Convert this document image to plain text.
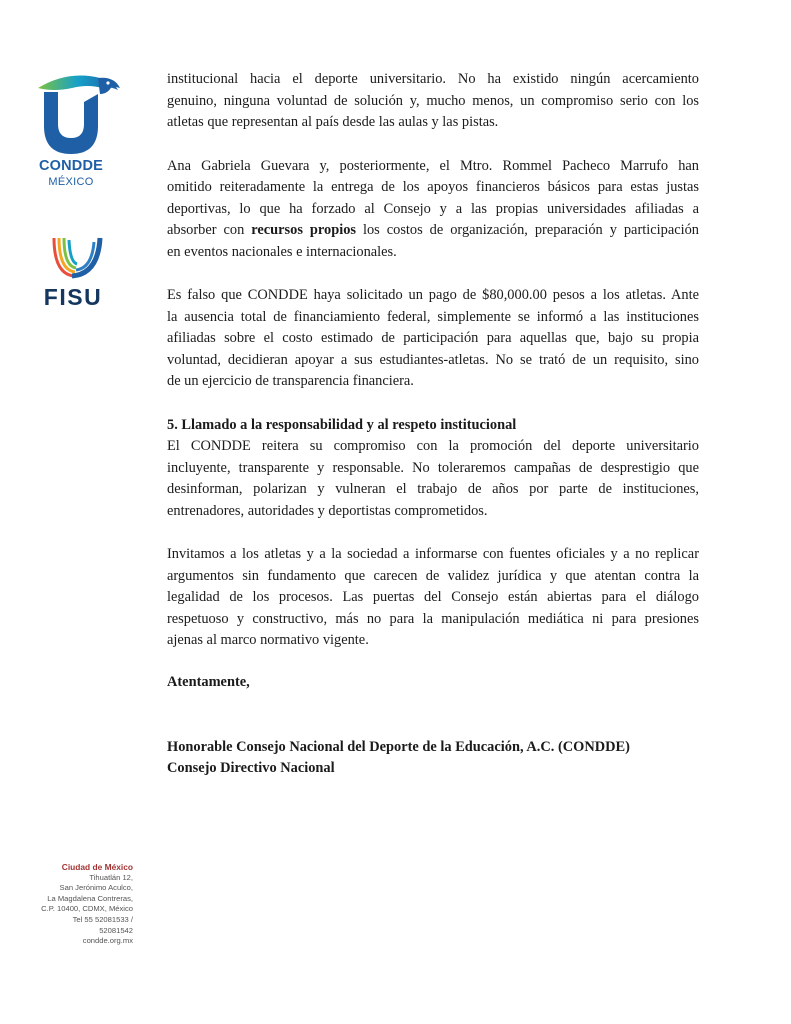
CONDDE
MÉXICO
FISU
Ciudad de México
Tihuatlán 12,
San Jerónimo Aculco,
La Magdalena Contreras,
C.P. 10400, CDMX, México
Tel 55 52081533 /
52081542
condde.org.mx

institucional hacia el deporte universitario. No ha existido ningún acercamiento
genuino, ninguna voluntad de solución y, mucho menos, un compromiso serio con los
atletas que representan al país desde las aulas y las pistas.

Ana Gabriela Guevara y, posteriormente, el Mtro. Rommel Pacheco Marrufo han
omitido reiteradamente la entrega de los apoyos financieros básicos para estas justas
deportivas, lo que ha forzado al Consejo y a las propias universidades afiliadas a
absorber con recursos propios los costos de organización, preparación y participación
en eventos nacionales e internacionales.

Es falso que CONDDE haya solicitado un pago de $80,000.00 pesos a los atletas. Ante
la ausencia total de financiamiento federal, simplemente se informó a las instituciones
afiliadas sobre el costo estimado de participación para aquellas que, bajo su propia
voluntad, decidieran apoyar a sus estudiantes-atletas. No se trató de un requisito, sino
de un ejercicio de transparencia financiera.

5. Llamado a la responsabilidad y al respeto institucional
El CONDDE reitera su compromiso con la promoción del deporte universitario
incluyente, transparente y responsable. No toleraremos campañas de desprestigio que
desinforman, polarizan y vulneran el trabajo de años por parte de instituciones,
entrenadores, autoridades y deportistas comprometidos.

Invitamos a los atletas y a la sociedad a informarse con fuentes oficiales y a no replicar
argumentos sin fundamento que carecen de validez jurídica y que atentan contra la
legalidad de los procesos. Las puertas del Consejo están abiertas para el diálogo
respetuoso y constructivo, más no para la manipulación mediática ni para presiones
ajenas al marco normativo vigente.

Atentamente,

Honorable Consejo Nacional del Deporte de la Educación, A.C. (CONDDE)

Consejo Directivo Nacional
